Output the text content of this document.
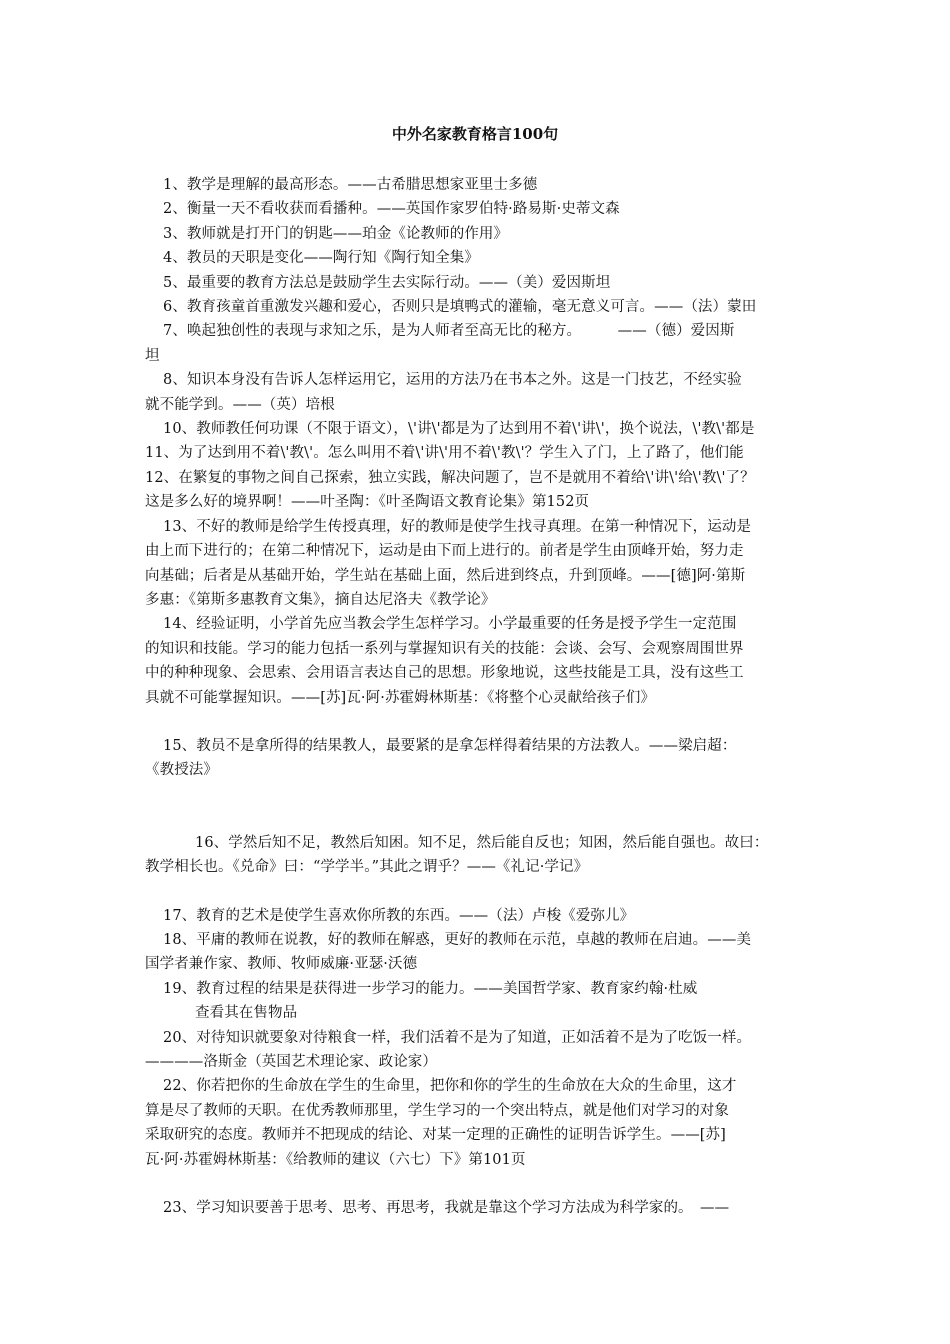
中外名家教育格言100句

1、教学是理解的最高形态。——古希腊思想家亚里士多德

2、衡量一天不看收获而看播种。——英国作家罗伯特·路易斯·史蒂文森

3、教师就是打开门的钥匙——珀金《论教师的作用》

4、教员的天职是变化——陶行知《陶行知全集》

5、最重要的教育方法总是鼓励学生去实际行动。——（美）爱因斯坦

6、教育孩童首重激发兴趣和爱心，否则只是填鸭式的灌输，毫无意义可言。——（法）蒙田

7、唤起独创性的表现与求知之乐，是为人师者至高无比的秘方。　　　——（德）爱因斯

坦

8、知识本身没有告诉人怎样运用它，运用的方法乃在书本之外。这是一门技艺，不经实验

就不能学到。——（英）培根

10、教师教任何功课（不限于语文），\'讲\'都是为了达到用不着\'讲\'，换个说法，\'教\'都是

11、为了达到用不着\'教\'。怎么叫用不着\'讲\'用不着\'教\'？学生入了门，上了路了，他们能

12、在繁复的事物之间自己探索，独立实践，解决问题了，岂不是就用不着给\'讲\'给\'教\'了？

这是多么好的境界啊！——叶圣陶：《叶圣陶语文教育论集》第152页

13、不好的教师是给学生传授真理，好的教师是使学生找寻真理。在第一种情况下，运动是

由上而下进行的；在第二种情况下，运动是由下而上进行的。前者是学生由顶峰开始，努力走

向基础；后者是从基础开始，学生站在基础上面，然后进到终点，升到顶峰。——[德]阿·第斯

多惠：《第斯多惠教育文集》，摘自达尼洛夫《教学论》

14、经验证明，小学首先应当教会学生怎样学习。小学最重要的任务是授予学生一定范围

的知识和技能。学习的能力包括一系列与掌握知识有关的技能：会谈、会写、会观察周围世界

中的种种现象、会思索、会用语言表达自己的思想。形象地说，这些技能是工具，没有这些工

具就不可能掌握知识。——[苏]瓦·阿·苏霍姆林斯基：《将整个心灵献给孩子们》

15、教员不是拿所得的结果教人，最要紧的是拿怎样得着结果的方法教人。——梁启超：

《教授法》

16、学然后知不足，教然后知困。知不足，然后能自反也；知困，然后能自强也。故曰：

教学相长也。《兑命》曰：“学学半。”其此之谓乎？——《礼记·学记》

17、教育的艺术是使学生喜欢你所教的东西。——（法）卢梭《爱弥儿》

18、平庸的教师在说教，好的教师在解惑，更好的教师在示范，卓越的教师在启迪。——美

国学者兼作家、教师、牧师威廉·亚瑟·沃德

19、教育过程的结果是获得进一步学习的能力。——美国哲学家、教育家约翰·杜威

查看其在售物品

20、对待知识就要象对待粮食一样，我们活着不是为了知道，正如活着不是为了吃饭一样。

————洛斯金（英国艺术理论家、政论家）

22、你若把你的生命放在学生的生命里，把你和你的学生的生命放在大众的生命里，这才

算是尽了教师的天职。在优秀教师那里，学生学习的一个突出特点，就是他们对学习的对象

采取研究的态度。教师并不把现成的结论、对某一定理的正确性的证明告诉学生。——[苏]

瓦·阿·苏霍姆林斯基：《给教师的建议（六七）下》第101页

23、学习知识要善于思考、思考、再思考，我就是靠这个学习方法成为科学家的。　——
